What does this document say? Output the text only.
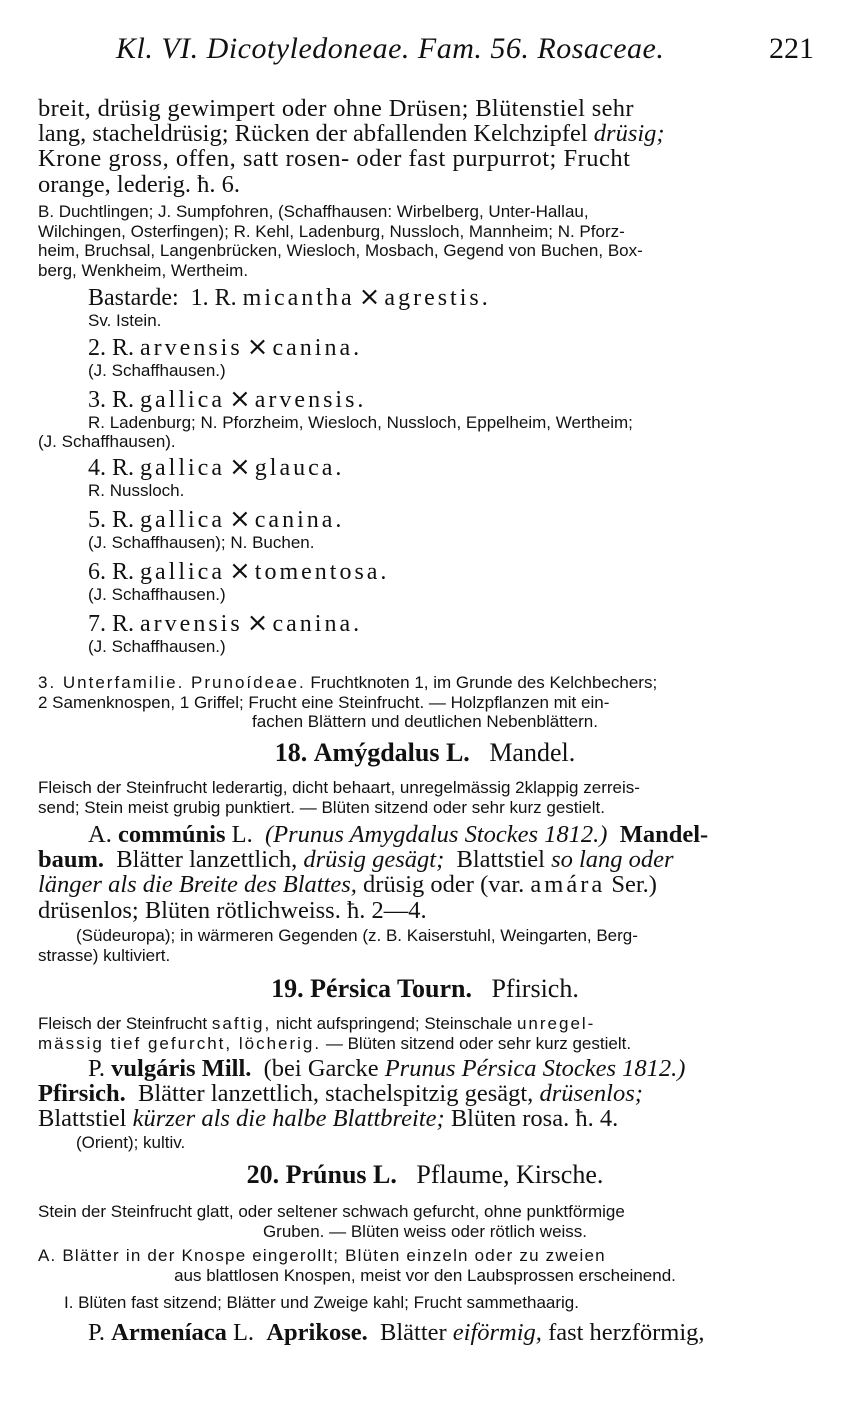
Kl. VI. Dicotyledoneae. Fam. 56. Rosaceae.	221
breit, drüsig gewimpert oder ohne Drüsen; Blütenstiel sehr
lang, stacheldrüsig; Rücken der abfallenden Kelchzipfel drüsig;
Krone gross, offen, satt rosen- oder fast purpurrot; Frucht
orange, lederig. ħ. 6.
B. Duchtlingen; J. Sumpfohren, (Schaffhausen: Wirbelberg, Unter-Hallau,
Wilchingen, Osterfingen); R. Kehl, Ladenburg, Nussloch, Mannheim; N. Pforz-
heim, Bruchsal, Langenbrücken, Wiesloch, Mosbach, Gegend von Buchen, Box-
berg, Wenkheim, Wertheim.
Bastarde: 1. R. micantha × agrestis.
Sv. Istein.
2. R. arvensis × canina.
(J. Schaffhausen.)
3. R. gallica × arvensis.
R. Ladenburg; N. Pforzheim, Wiesloch, Nussloch, Eppelheim, Wertheim;
(J. Schaffhausen).
4. R. gallica × glauca.
R. Nussloch.
5. R. gallica × canina.
(J. Schaffhausen); N. Buchen.
6. R. gallica × tomentosa.
(J. Schaffhausen.)
7. R. arvensis × canina.
(J. Schaffhausen.)
3. Unterfamilie. Prunoídeae. Fruchtknoten 1, im Grunde des Kelchbechers;
2 Samenknospen, 1 Griffel; Frucht eine Steinfrucht. — Holzpflanzen mit ein-
fachen Blättern und deutlichen Nebenblättern.
18. Amýgdalus L. Mandel.
Fleisch der Steinfrucht lederartig, dicht behaart, unregelmässig 2klappig zerreis-
send; Stein meist grubig punktiert. — Blüten sitzend oder sehr kurz gestielt.
A. commúnis L. (Prunus Amygdalus Stockes 1812.) Mandel-
baum. Blätter lanzettlich, drüsig gesägt; Blattstiel so lang oder
länger als die Breite des Blattes, drüsig oder (var. amára Ser.)
drüsenlos; Blüten rötlichweiss. ħ. 2—4.
(Südeuropa); in wärmeren Gegenden (z. B. Kaiserstuhl, Weingarten, Berg-
strasse) kultiviert.
19. Pérsica Tourn. Pfirsich.
Fleisch der Steinfrucht saftig, nicht aufspringend; Steinschale unregel-
mässig tief gefurcht, löcherig. — Blüten sitzend oder sehr kurz gestielt.
P. vulgáris Mill. (bei Garcke Prunus Pérsica Stockes 1812.)
Pfirsich. Blätter lanzettlich, stachelspitzig gesägt, drüsenlos;
Blattstiel kürzer als die halbe Blattbreite; Blüten rosa. ħ. 4.
(Orient); kultiv.
20. Prúnus L. Pflaume, Kirsche.
Stein der Steinfrucht glatt, oder seltener schwach gefurcht, ohne punktförmige
Gruben. — Blüten weiss oder rötlich weiss.
A. Blätter in der Knospe eingerollt; Blüten einzeln oder zu zweien
aus blattlosen Knospen, meist vor den Laubsprossen erscheinend.
I. Blüten fast sitzend; Blätter und Zweige kahl; Frucht sammethaarig.
P. Armeníaca L. Aprikose. Blätter eiförmig, fast herzförmig,
